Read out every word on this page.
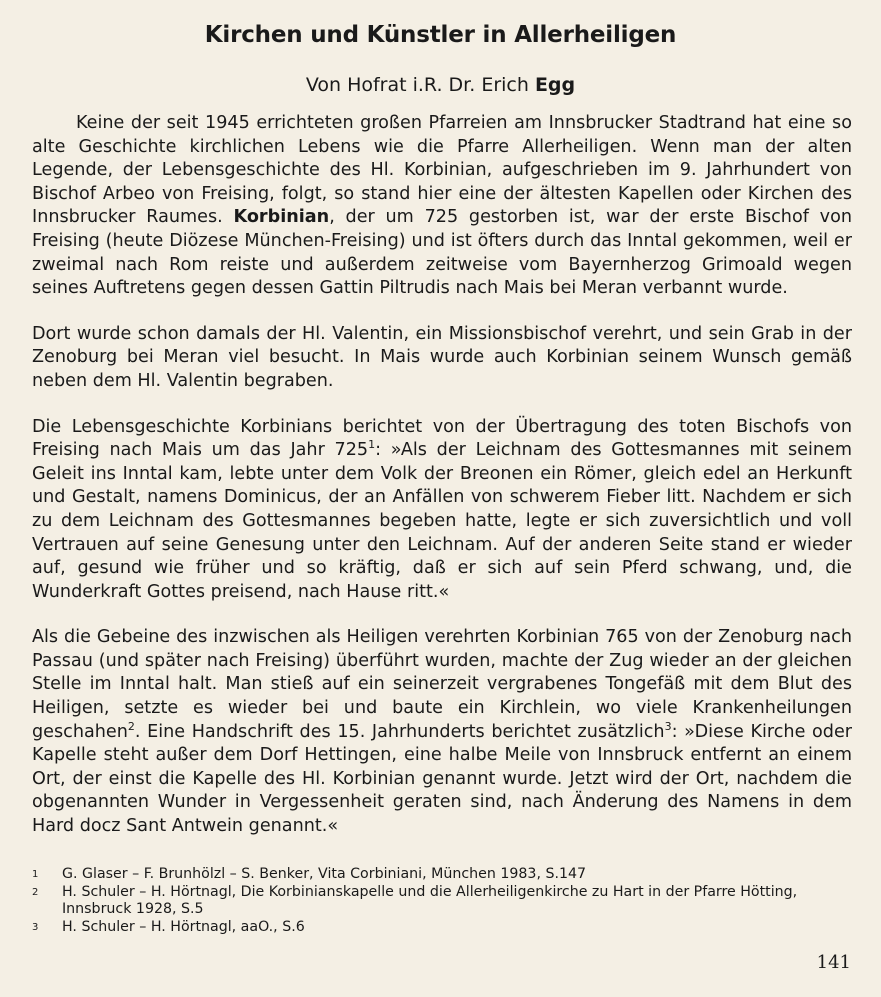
Kirchen und Künstler in Allerheiligen
Von Hofrat i.R. Dr. Erich Egg

Keine der seit 1945 errichteten großen Pfarreien am Innsbrucker Stadtrand hat eine so alte Geschichte kirchlichen Lebens wie die Pfarre Allerheiligen. Wenn man der alten Legende, der Lebensgeschichte des Hl. Korbinian, aufgeschrieben im 9. Jahrhundert von Bischof Arbeo von Freising, folgt, so stand hier eine der ältesten Kapellen oder Kirchen des Innsbrucker Raumes. Korbinian, der um 725 gestorben ist, war der erste Bischof von Freising (heute Diözese München-Freising) und ist öfters durch das Inntal gekommen, weil er zweimal nach Rom reiste und außerdem zeitweise vom Bayernherzog Grimoald wegen seines Auftretens gegen dessen Gattin Piltrudis nach Mais bei Meran verbannt wurde.

Dort wurde schon damals der Hl. Valentin, ein Missionsbischof verehrt, und sein Grab in der Zenoburg bei Meran viel besucht. In Mais wurde auch Korbinian seinem Wunsch gemäß neben dem Hl. Valentin begraben.

Die Lebensgeschichte Korbinians berichtet von der Übertragung des toten Bischofs von Freising nach Mais um das Jahr $725^1$: »Als der Leichnam des Gottesmannes mit seinem Geleit ins Inntal kam, lebte unter dem Volk der Breonen ein Römer, gleich edel an Herkunft und Gestalt, namens Dominicus, der an Anfällen von schwerem Fieber litt. Nachdem er sich zu dem Leichnam des Gottesmannes begeben hatte, legte er sich zuversichtlich und voll Vertrauen auf seine Genesung unter den Leichnam. Auf der anderen Seite stand er wieder auf, gesund wie früher und so kräftig, daß er sich auf sein Pferd schwang, und, die Wunderkraft Gottes preisend, nach Hause ritt.«

Als die Gebeine des inzwischen als Heiligen verehrten Korbinian 765 von der Zenoburg nach Passau (und später nach Freising) überführt wurden, machte der Zug wieder an der gleichen Stelle im Inntal halt. Man stieß auf ein seinerzeit vergrabenes Tongefäß mit dem Blut des Heiligen, setzte es wieder bei und baute ein Kirchlein, wo viele Krankenheilungen geschahen$^2$. Eine Handschrift des 15. Jahrhunderts berichtet zusätzlich$^3$: »Diese Kirche oder Kapelle steht außer dem Dorf Hettingen, eine halbe Meile von Innsbruck entfernt an einem Ort, der einst die Kapelle des Hl. Korbinian genannt wurde. Jetzt wird der Ort, nachdem die obgenannten Wunder in Vergessenheit geraten sind, nach Änderung des Namens in dem Hard docz Sant Antwein genannt.«

1	G. Glaser – F. Brunhölzl – S. Benker, Vita Corbiniani, München 1983, S.147
2	H. Schuler – H. Hörtnagl, Die Korbinianskapelle und die Allerheiligenkirche zu Hart in der Pfarre Hötting, Innsbruck 1928, S.5
3	H. Schuler – H. Hörtnagl, aaO., S.6
141
